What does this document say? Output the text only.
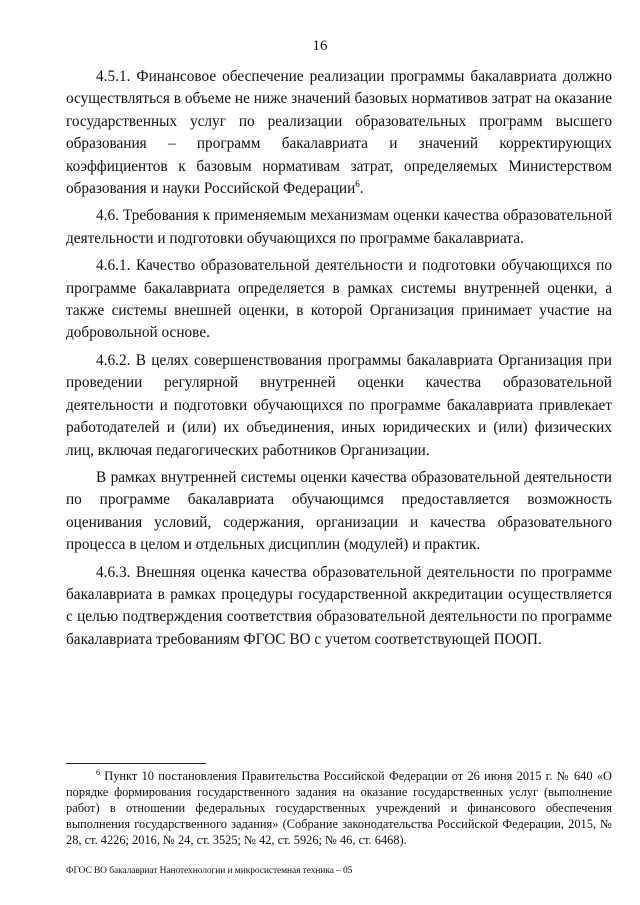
16

4.5.1. Финансовое обеспечение реализации программы бакалавриата должно осуществляться в объеме не ниже значений базовых нормативов затрат на оказание государственных услуг по реализации образовательных программ высшего образования – программ бакалавриата и значений корректирующих коэффициентов к базовым нормативам затрат, определяемых Министерством образования и науки Российской Федерации$^6$.

4.6. Требования к применяемым механизмам оценки качества образовательной деятельности и подготовки обучающихся по программе бакалавриата.

4.6.1. Качество образовательной деятельности и подготовки обучающихся по программе бакалавриата определяется в рамках системы внутренней оценки, а также системы внешней оценки, в которой Организация принимает участие на добровольной основе.

4.6.2. В целях совершенствования программы бакалавриата Организация при проведении регулярной внутренней оценки качества образовательной деятельности и подготовки обучающихся по программе бакалавриата привлекает работодателей и (или) их объединения, иных юридических и (или) физических лиц, включая педагогических работников Организации.

В рамках внутренней системы оценки качества образовательной деятельности по программе бакалавриата обучающимся предоставляется возможность оценивания условий, содержания, организации и качества образовательного процесса в целом и отдельных дисциплин (модулей) и практик.

4.6.3. Внешняя оценка качества образовательной деятельности по программе бакалавриата в рамках процедуры государственной аккредитации осуществляется с целью подтверждения соответствия образовательной деятельности по программе бакалавриата требованиям ФГОС ВО с учетом соответствующей ПООП.

$^6$ Пункт 10 постановления Правительства Российской Федерации от 26 июня 2015 г. № 640 «О порядке формирования государственного задания на оказание государственных услуг (выполнение работ) в отношении федеральных государственных учреждений и финансового обеспечения выполнения государственного задания» (Собрание законодательства Российской Федерации, 2015, № 28, ст. 4226; 2016, № 24, ст. 3525; № 42, ст. 5926; № 46, ст. 6468).

ФГОС ВО бакалавриат Нанотехнологии и микросистемная техника – 05
